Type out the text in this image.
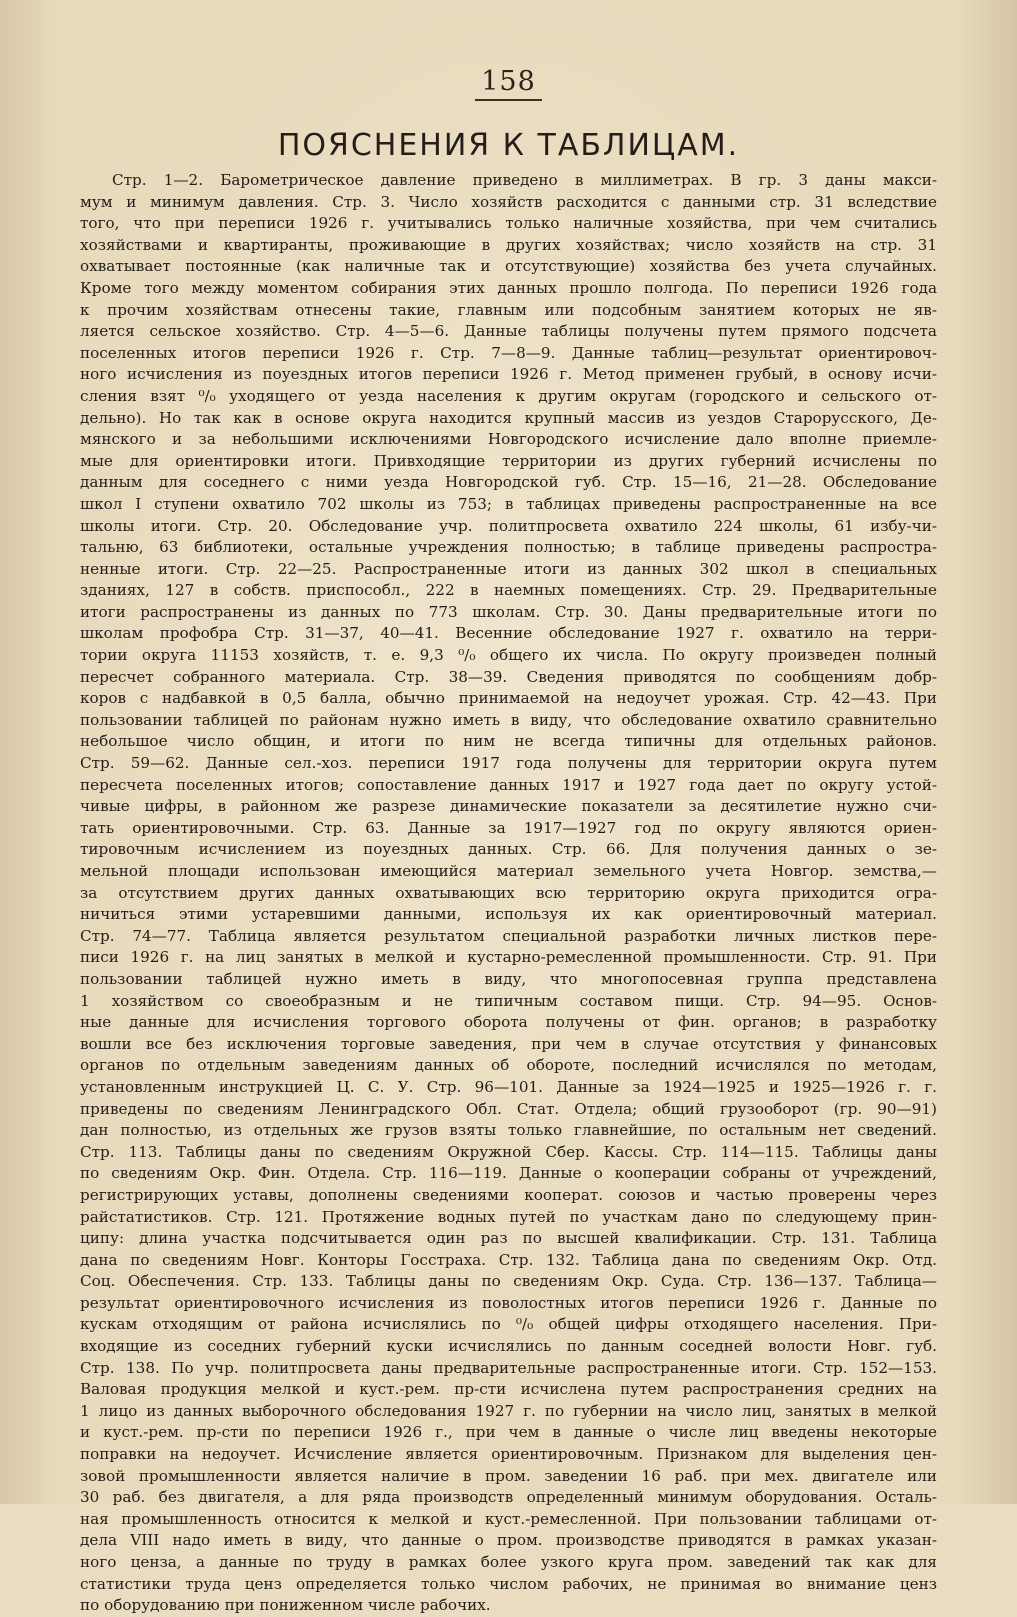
158
ПОЯСНЕНИЯ К ТАБЛИЦАМ.
Стр. 1—2. Барометрическое давление приведено в миллиметрах. В гр. 3 даны макси-
мум и минимум давления. Стр. 3. Число хозяйств расходится с данными стр. 31 вследствие
того, что при переписи 1926 г. учитывались только наличные хозяйства, при чем считались
хозяйствами и квартиранты, проживающие в других хозяйствах; число хозяйств на стр. 31
охватывает постоянные (как наличные так и отсутствующие) хозяйства без учета случайных.
Кроме того между моментом собирания этих данных прошло полгода. По переписи 1926 года
к прочим хозяйствам отнесены такие, главным или подсобным занятием которых не яв-
ляется сельское хозяйство. Стр. 4—5—6. Данные таблицы получены путем прямого подсчета
поселенных итогов переписи 1926 г. Стр. 7—8—9. Данные таблиц—результат ориентировоч-
ного исчисления из поуездных итогов переписи 1926 г. Метод применен грубый, в основу исчи-
сления взят ⁰/₀ уходящего от уезда населения к другим округам (городского и сельского от-
дельно). Но так как в основе округа находится крупный массив из уездов Старорусского, Де-
мянского и за небольшими исключениями Новгородского исчисление дало вполне приемле-
мые для ориентировки итоги. Привходящие территории из других губерний исчислены по
данным для соседнего с ними уезда Новгородской губ. Стр. 15—16, 21—28. Обследование
школ I ступени охватило 702 школы из 753; в таблицах приведены распространенные на все
школы итоги. Стр. 20. Обследование учр. политпросвета охватило 224 школы, 61 избу-чи-
тальню, 63 библиотеки, остальные учреждения полностью; в таблице приведены распростра-
ненные итоги. Стр. 22—25. Распространенные итоги из данных 302 школ в специальных
зданиях, 127 в собств. приспособл., 222 в наемных помещениях. Стр. 29. Предварительные
итоги распространены из данных по 773 школам. Стр. 30. Даны предварительные итоги по
школам профобра Стр. 31—37, 40—41. Весенние обследование 1927 г. охватило на терри-
тории округа 11153 хозяйств, т. е. 9,3 ⁰/₀ общего их числа. По округу произведен полный
пересчет собранного материала. Стр. 38—39. Сведения приводятся по сообщениям добр-
коров с надбавкой в 0,5 балла, обычно принимаемой на недоучет урожая. Стр. 42—43. При
пользовании таблицей по районам нужно иметь в виду, что обследование охватило сравнительно
небольшое число общин, и итоги по ним не всегда типичны для отдельных районов.
Стр. 59—62. Данные сел.-хоз. переписи 1917 года получены для территории округа путем
пересчета поселенных итогов; сопоставление данных 1917 и 1927 года дает по округу устой-
чивые цифры, в районном же разрезе динамические показатели за десятилетие нужно счи-
тать ориентировочными. Стр. 63. Данные за 1917—1927 год по округу являются ориен-
тировочным исчислением из поуездных данных. Стр. 66. Для получения данных о зе-
мельной площади использован имеющийся материал земельного учета Новгор. земства,—
за отсутствием других данных охватывающих всю территорию округа приходится огра-
ничиться этими устаревшими данными, используя их как ориентировочный материал.
Стр. 74—77. Таблица является результатом специальной разработки личных листков пере-
писи 1926 г. на лиц занятых в мелкой и кустарно-ремесленной промышленности. Стр. 91. При
пользовании таблицей нужно иметь в виду, что многопосевная группа представлена
1 хозяйством со своеобразным и не типичным составом пищи. Стр. 94—95. Основ-
ные данные для исчисления торгового оборота получены от фин. органов; в разработку
вошли все без исключения торговые заведения, при чем в случае отсутствия у финансовых
органов по отдельным заведениям данных об обороте, последний исчислялся по методам,
установленным инструкцией Ц. С. У. Стр. 96—101. Данные за 1924—1925 и 1925—1926 г. г.
приведены по сведениям Ленинградского Обл. Стат. Отдела; общий грузооборот (гр. 90—91)
дан полностью, из отдельных же грузов взяты только главнейшие, по остальным нет сведений.
Стр. 113. Таблицы даны по сведениям Окружной Сбер. Кассы. Стр. 114—115. Таблицы даны
по сведениям Окр. Фин. Отдела. Стр. 116—119. Данные о кооперации собраны от учреждений,
регистрирующих уставы, дополнены сведениями кооперат. союзов и частью проверены через
райстатистиков. Стр. 121. Протяжение водных путей по участкам дано по следующему прин-
ципу: длина участка подсчитывается один раз по высшей квалификации. Стр. 131. Таблица
дана по сведениям Новг. Конторы Госстраха. Стр. 132. Таблица дана по сведениям Окр. Отд.
Соц. Обеспечения. Стр. 133. Таблицы даны по сведениям Окр. Суда. Стр. 136—137. Таблица—
результат ориентировочного исчисления из поволостных итогов переписи 1926 г. Данные по
кускам отходящим от района исчислялись по ⁰/₀ общей цифры отходящего населения. При-
входящие из соседних губерний куски исчислялись по данным соседней волости Новг. губ.
Стр. 138. По учр. политпросвета даны предварительные распространенные итоги. Стр. 152—153.
Валовая продукция мелкой и куст.-рем. пр-сти исчислена путем распространения средних на
1 лицо из данных выборочного обследования 1927 г. по губернии на число лиц, занятых в мелкой
и куст.-рем. пр-сти по переписи 1926 г., при чем в данные о числе лиц введены некоторые
поправки на недоучет. Исчисление является ориентировочным. Признаком для выделения цен-
зовой промышленности является наличие в пром. заведении 16 раб. при мех. двигателе или
30 раб. без двигателя, а для ряда производств определенный минимум оборудования. Осталь-
ная промышленность относится к мелкой и куст.-ремесленной. При пользовании таблицами от-
дела VIII надо иметь в виду, что данные о пром. производстве приводятся в рамках указан-
ного ценза, а данные по труду в рамках более узкого круга пром. заведений так как для
статистики труда ценз определяется только числом рабочих, не принимая во внимание ценз
по оборудованию при пониженном числе рабочих.
